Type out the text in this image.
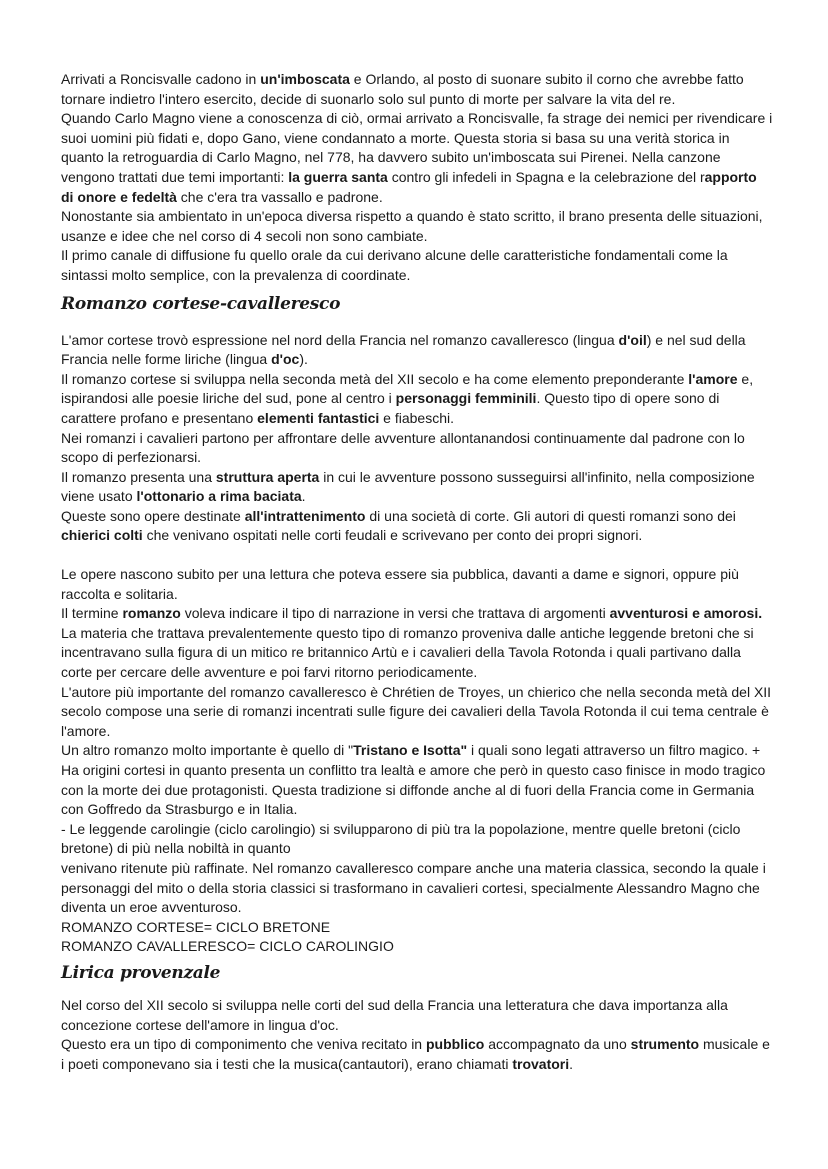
Arrivati a Roncisvalle cadono in un'imboscata e Orlando, al posto di suonare subito il corno che avrebbe fatto tornare indietro l'intero esercito, decide di suonarlo solo sul punto di morte per salvare la vita del re.

Quando Carlo Magno viene a conoscenza di ciò, ormai arrivato a Roncisvalle, fa strage dei nemici per rivendicare i suoi uomini più fidati e, dopo Gano, viene condannato a morte. Questa storia si basa su una verità storica in quanto la retroguardia di Carlo Magno, nel 778, ha davvero subito un'imboscata sui Pirenei. Nella canzone vengono trattati due temi importanti: la guerra santa contro gli infedeli in Spagna e la celebrazione del rapporto di onore e fedeltà che c'era tra vassallo e padrone.

Nonostante sia ambientato in un'epoca diversa rispetto a quando è stato scritto, il brano presenta delle situazioni, usanze e idee che nel corso di 4 secoli non sono cambiate.

Il primo canale di diffusione fu quello orale da cui derivano alcune delle caratteristiche fondamentali come la sintassi molto semplice, con la prevalenza di coordinate.

Romanzo cortese-cavalleresco

L'amor cortese trovò espressione nel nord della Francia nel romanzo cavalleresco (lingua d'oil) e nel sud della Francia nelle forme liriche (lingua d'oc).

Il romanzo cortese si sviluppa nella seconda metà del XII secolo e ha come elemento preponderante l'amore e, ispirandosi alle poesie liriche del sud, pone al centro i personaggi femminili. Questo tipo di opere sono di carattere profano e presentano elementi fantastici e fiabeschi.

Nei romanzi i cavalieri partono per affrontare delle avventure allontanandosi continuamente dal padrone con lo scopo di perfezionarsi.

Il romanzo presenta una struttura aperta in cui le avventure possono susseguirsi all'infinito, nella composizione viene usato l'ottonario a rima baciata.

Queste sono opere destinate all'intrattenimento di una società di corte. Gli autori di questi romanzi sono dei chierici colti che venivano ospitati nelle corti feudali e scrivevano per conto dei propri signori.

Le opere nascono subito per una lettura che poteva essere sia pubblica, davanti a dame e signori, oppure più raccolta e solitaria.

Il termine romanzo voleva indicare il tipo di narrazione in versi che trattava di argomenti avventurosi e amorosi. La materia che trattava prevalentemente questo tipo di romanzo proveniva dalle antiche leggende bretoni che si incentravano sulla figura di un mitico re britannico Artù e i cavalieri della Tavola Rotonda i quali partivano dalla corte per cercare delle avventure e poi farvi ritorno periodicamente.

L'autore più importante del romanzo cavalleresco è Chrétien de Troyes, un chierico che nella seconda metà del XII secolo compose una serie di romanzi incentrati sulle figure dei cavalieri della Tavola Rotonda il cui tema centrale è l'amore.

Un altro romanzo molto importante è quello di "Tristano e Isotta" i quali sono legati attraverso un filtro magico. +

Ha origini cortesi in quanto presenta un conflitto tra lealtà e amore che però in questo caso finisce in modo tragico con la morte dei due protagonisti. Questa tradizione si diffonde anche al di fuori della Francia come in Germania con Goffredo da Strasburgo e in Italia.

- Le leggende carolingie (ciclo carolingio) si svilupparono di più tra la popolazione, mentre quelle bretoni (ciclo bretone) di più nella nobiltà in quanto

venivano ritenute più raffinate. Nel romanzo cavalleresco compare anche una materia classica, secondo la quale i personaggi del mito o della storia classici si trasformano in cavalieri cortesi, specialmente Alessandro Magno che diventa un eroe avventuroso.

ROMANZO CORTESE= CICLO BRETONE

ROMANZO CAVALLERESCO= CICLO CAROLINGIO

Lirica provenzale

Nel corso del XII secolo si sviluppa nelle corti del sud della Francia una letteratura che dava importanza alla concezione cortese dell'amore in lingua d'oc.

Questo era un tipo di componimento che veniva recitato in pubblico accompagnato da uno strumento musicale e i poeti componevano sia i testi che la musica(cantautori), erano chiamati trovatori.
